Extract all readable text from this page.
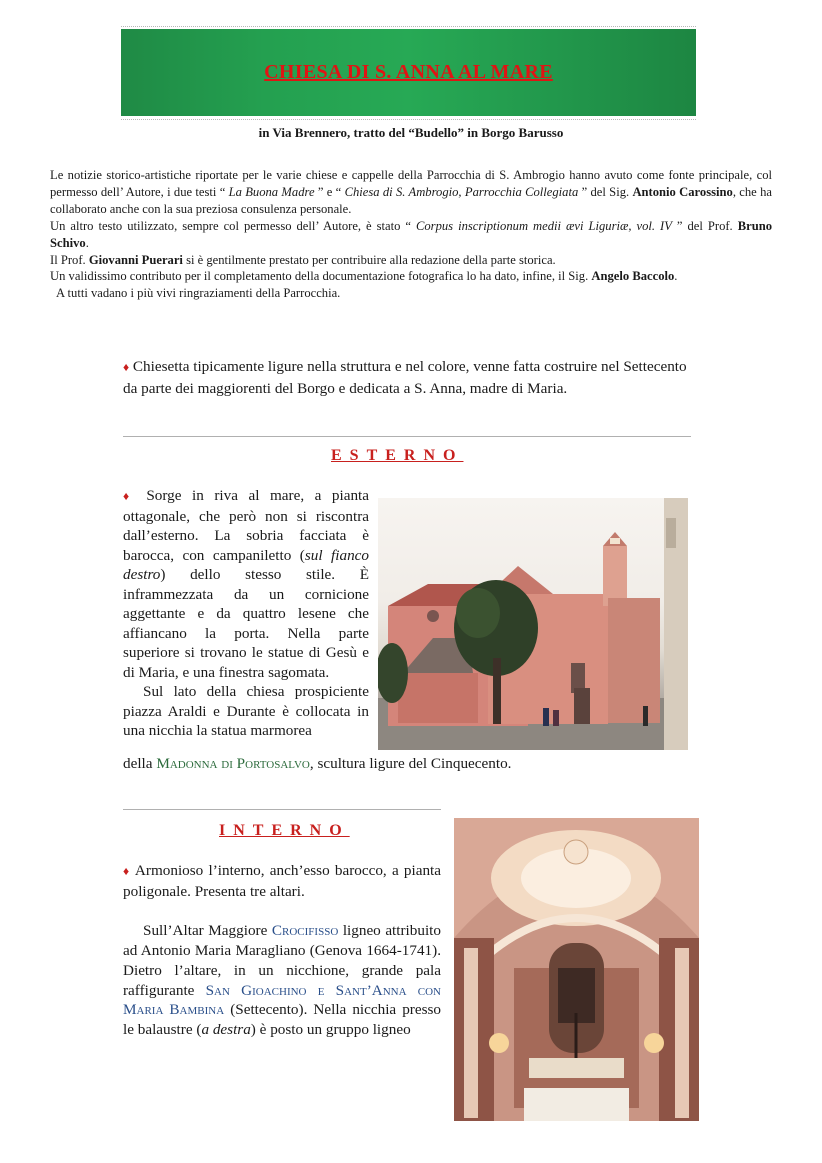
CHIESA DI S. ANNA AL MARE
in Via Brennero, tratto del “Budello” in Borgo Barusso

Le notizie storico-artistiche riportate per le varie chiese e cappelle della Parrocchia di S. Ambrogio hanno avuto come fonte principale, col permesso dell’ Autore, i due testi “ La Buona Madre ” e “ Chiesa di S. Ambrogio, Parrocchia Collegiata ” del Sig. Antonio Carossino, che ha collaborato anche con la sua preziosa consulenza personale.

Un altro testo utilizzato, sempre col permesso dell’ Autore, è stato “ Corpus inscriptionum medii ævi Liguriæ, vol. IV ” del Prof. Bruno Schivo.

Il Prof. Giovanni Puerari si è gentilmente prestato per contribuire alla redazione della parte storica.

Un validissimo contributo per il completamento della documentazione fotografica lo ha dato, infine, il Sig. Angelo Baccolo.

A tutti vadano i più vivi ringraziamenti della Parrocchia.

♦ Chiesetta tipicamente ligure nella struttura e nel colore, venne fatta costruire nel Settecento da parte dei maggiorenti del Borgo e dedicata a S. Anna, madre di Maria.
ESTERNO

♦ Sorge in riva al mare, a pianta ottagonale, che però non si riscontra dall’esterno. La sobria facciata è barocca, con campaniletto (sul fianco destro) dello stesso stile. È inframmezzata da un cornicione aggettante e da quattro lesene che affiancano la porta. Nella parte superiore si trovano le statue di Gesù e di Maria, e una finestra sagomata.

Sul lato della chiesa prospiciente piazza Araldi e Durante è collocata in una nicchia la statua marmorea

della Madonna di Portosalvo, scultura ligure del Cinquecento.
INTERNO

♦ Armonioso l’interno, anch’esso barocco, a pianta poligonale. Presenta tre altari.

Sull’Altar Maggiore Crocifisso ligneo attribuito ad Antonio Maria Maragliano (Genova 1664-1741). Dietro l’altare, in un nicchione, grande pala raffigurante San Gioachino e Sant’Anna con Maria Bambina (Settecento). Nella nicchia presso le balaustre (a destra) è posto un gruppo ligneo
